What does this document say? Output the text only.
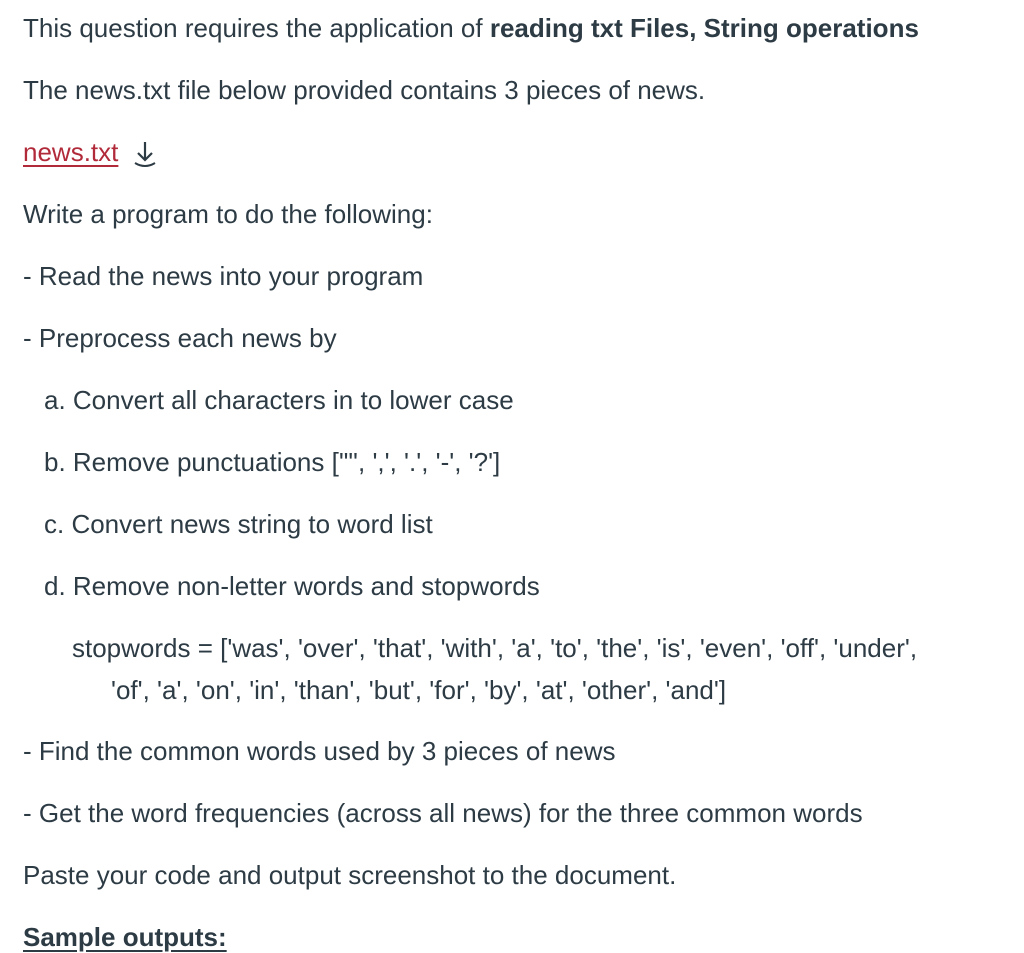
This question requires the application of reading txt Files, String operations
The news.txt file below provided contains 3 pieces of news.
news.txt
Write a program to do the following:
- Read the news into your program
- Preprocess each news by
a. Convert all characters in to lower case
b. Remove punctuations ['"', ',', '.', '-', '?']
c. Convert news string to word list
d. Remove non-letter words and stopwords
stopwords = ['was', 'over', 'that', 'with', 'a', 'to', 'the', 'is', 'even', 'off', 'under',
'of', 'a', 'on', 'in', 'than', 'but', 'for', 'by', 'at', 'other', 'and']
- Find the common words used by 3 pieces of news
- Get the word frequencies (across all news) for the three common words
Paste your code and output screenshot to the document.
Sample outputs:
